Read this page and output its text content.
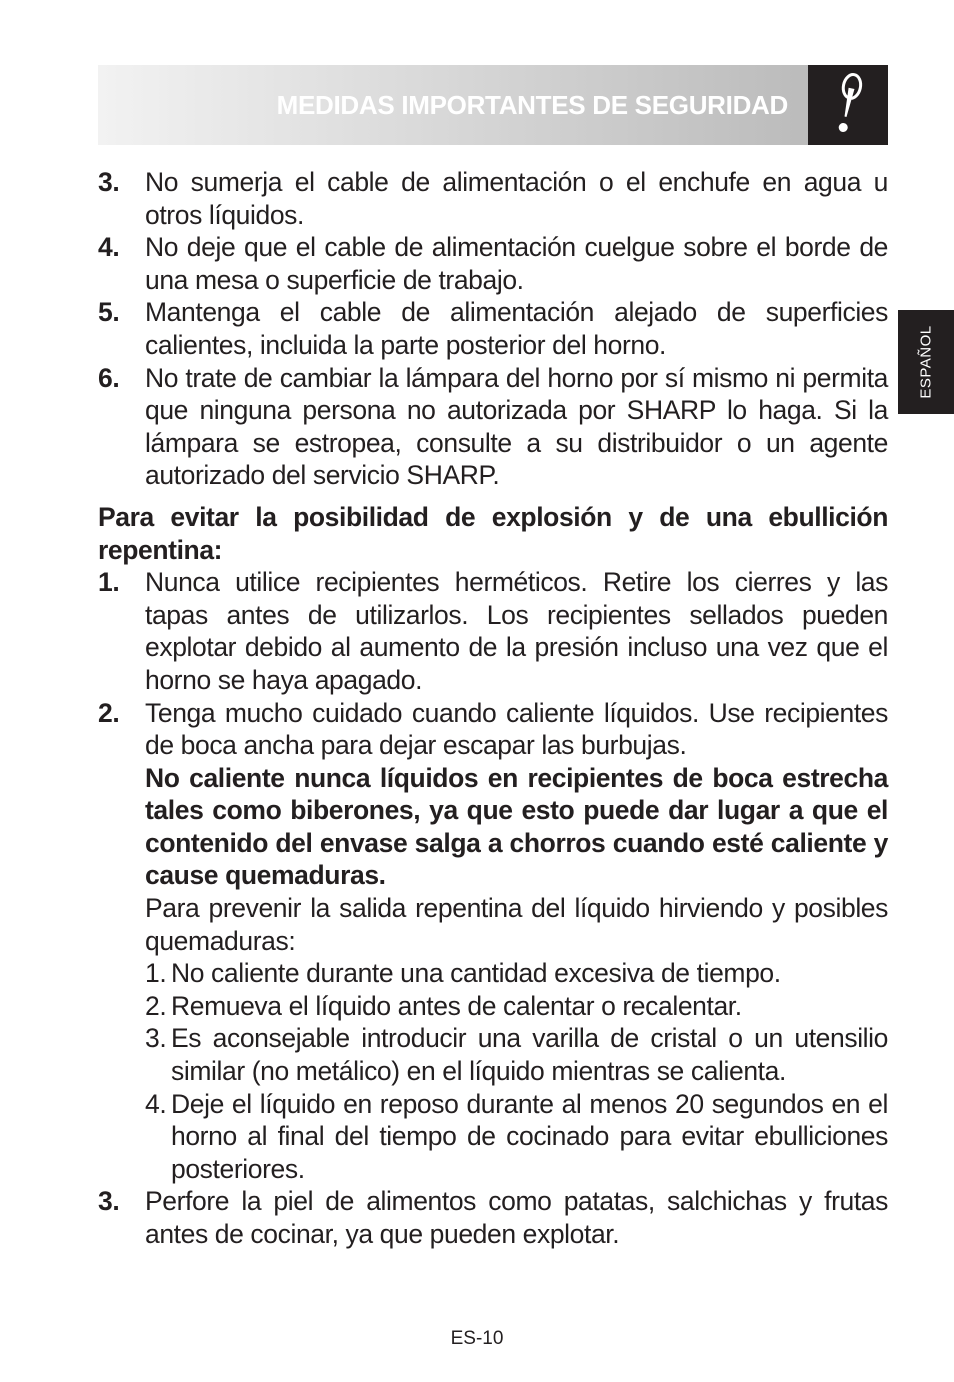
MEDIDAS IMPORTANTES DE SEGURIDAD
ESPAÑOL
3. No sumerja el cable de alimentación o el enchufe en agua u otros líquidos.
4. No deje que el cable de alimentación cuelgue sobre el borde de una mesa o superficie de trabajo.
5. Mantenga el cable de alimentación alejado de superficies calientes, incluida la parte posterior del horno.
6. No trate de cambiar la lámpara del horno por sí mismo ni permita que ninguna persona no autorizada por SHARP lo haga. Si la lámpara se estropea, consulte a su distribuidor o un agente autorizado del servicio SHARP.
Para evitar la posibilidad de explosión y de una ebullición repentina:
1. Nunca utilice recipientes herméticos. Retire los cierres y las tapas antes de utilizarlos. Los recipientes sellados pueden explotar debido al aumento de la presión incluso una vez que el horno se haya apagado.
2. Tenga mucho cuidado cuando caliente líquidos. Use recipientes de boca ancha para dejar escapar las burbujas.
No caliente nunca líquidos en recipientes de boca estrecha tales como biberones, ya que esto puede dar lugar a que el contenido del envase salga a chorros cuando esté caliente y cause quemaduras.
Para prevenir la salida repentina del líquido hirviendo y posibles quemaduras:
1. No caliente durante una cantidad excesiva de tiempo.
2. Remueva el líquido antes de calentar o recalentar.
3. Es aconsejable introducir una varilla de cristal o un utensilio similar (no metálico) en el líquido mientras se calienta.
4. Deje el líquido en reposo durante al menos 20 segundos en el horno al final del tiempo de cocinado para evitar ebulliciones posteriores.
3. Perfore la piel de alimentos como patatas, salchichas y frutas antes de cocinar, ya que pueden explotar.
ES-10
